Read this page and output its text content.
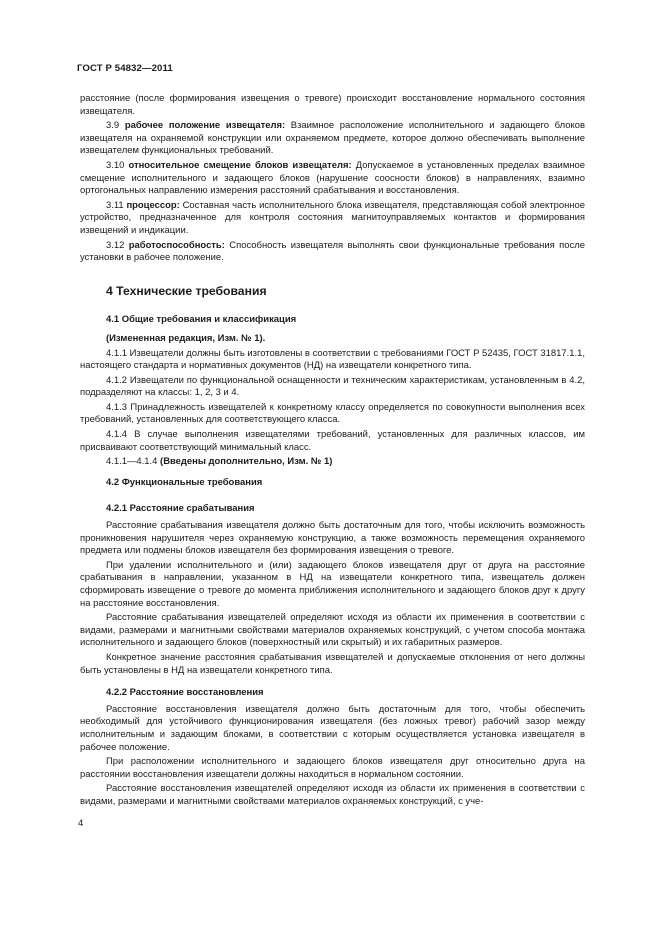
ГОСТ Р 54832—2011

расстояние (после формирования извещения о тревоге) происходит восстановление нормального состояния извещателя.

3.9 рабочее положение извещателя: Взаимное расположение исполнительного и задающего блоков извещателя на охраняемой конструкции или охраняемом предмете, которое должно обеспечивать выполнение извещателем функциональных требований.

3.10 относительное смещение блоков извещателя: Допускаемое в установленных пределах взаимное смещение исполнительного и задающего блоков (нарушение соосности блоков) в направлениях, взаимно ортогональных направлению измерения расстояний срабатывания и восстановления.

3.11 процессор: Составная часть исполнительного блока извещателя, представляющая собой электронное устройство, предназначенное для контроля состояния магнитоуправляемых контактов и формирования извещений и индикации.

3.12 работоспособность: Способность извещателя выполнять свои функциональные требования после установки в рабочее положение.

4 Технические требования
4.1 Общие требования и классификация
(Измененная редакция, Изм. № 1).

4.1.1 Извещатели должны быть изготовлены в соответствии с требованиями ГОСТ Р 52435, ГОСТ 31817.1.1, настоящего стандарта и нормативных документов (НД) на извещатели конкретного типа.

4.1.2 Извещатели по функциональной оснащенности и техническим характеристикам, установленным в 4.2, подразделяют на классы: 1, 2, 3 и 4.

4.1.3 Принадлежность извещателей к конкретному классу определяется по совокупности выполнения всех требований, установленных для соответствующего класса.

4.1.4 В случае выполнения извещателями требований, установленных для различных классов, им присваивают соответствующий минимальный класс.

4.1.1—4.1.4 (Введены дополнительно, Изм. № 1)

4.2 Функциональные требования
4.2.1 Расстояние срабатывания

Расстояние срабатывания извещателя должно быть достаточным для того, чтобы исключить возможность проникновения нарушителя через охраняемую конструкцию, а также возможность перемещения охраняемого предмета или подмены блоков извещателя без формирования извещения о тревоге.

При удалении исполнительного и (или) задающего блоков извещателя друг от друга на расстояние срабатывания в направлении, указанном в НД на извещатели конкретного типа, извещатель должен сформировать извещение о тревоге до момента приближения исполнительного и задающего блоков друг к другу на расстояние восстановления.

Расстояние срабатывания извещателей определяют исходя из области их применения в соответствии с видами, размерами и магнитными свойствами материалов охраняемых конструкций, с учетом способа монтажа исполнительного и задающего блоков (поверхностный или скрытый) и их габаритных размеров.

Конкретное значение расстояния срабатывания извещателей и допускаемые отклонения от него должны быть установлены в НД на извещатели конкретного типа.

4.2.2 Расстояние восстановления

Расстояние восстановления извещателя должно быть достаточным для того, чтобы обеспечить необходимый для устойчивого функционирования извещателя (без ложных тревог) рабочий зазор между исполнительным и задающим блоками, в соответствии с которым осуществляется установка извещателя в рабочее положение.

При расположении исполнительного и задающего блоков извещателя друг относительно друга на расстоянии восстановления извещатели должны находиться в нормальном состоянии.

Расстояние восстановления извещателей определяют исходя из области их применения в соответствии с видами, размерами и магнитными свойствами материалов охраняемых конструкций, с уче-

4
